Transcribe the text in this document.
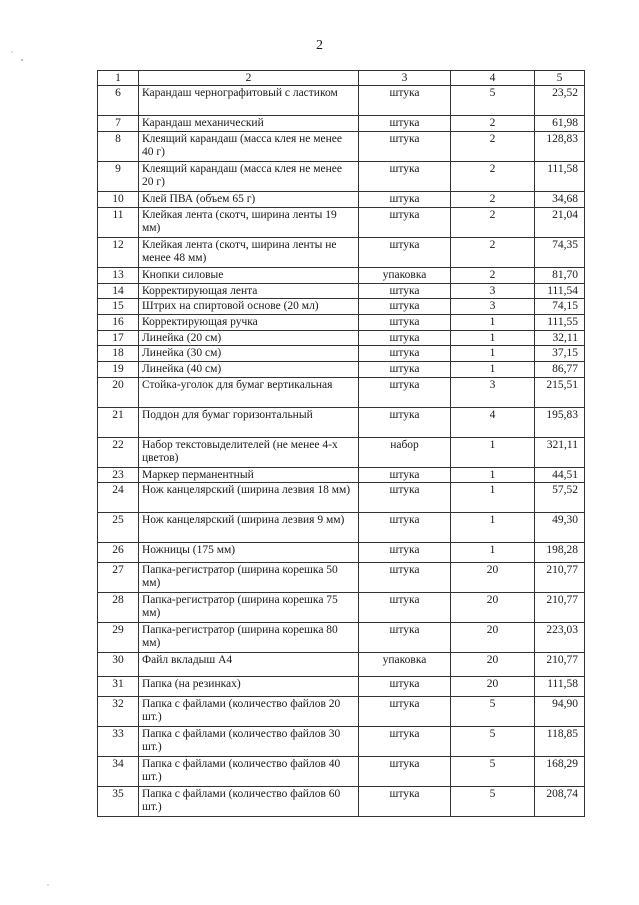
2
1	2	3	4	5
6	Карандаш чернографитовый с ластиком	штука	5	23,52
7	Карандаш механический	штука	2	61,98
8	Клеящий карандаш (масса клея не менее 40 г)	штука	2	128,83
9	Клеящий карандаш (масса клея не менее 20 г)	штука	2	111,58
10	Клей ПВА (объем 65 г)	штука	2	34,68
11	Клейкая лента (скотч, ширина ленты 19 мм)	штука	2	21,04
12	Клейкая лента (скотч, ширина ленты не менее 48 мм)	штука	2	74,35
13	Кнопки силовые	упаковка	2	81,70
14	Корректирующая лента	штука	3	111,54
15	Штрих на спиртовой основе (20 мл)	штука	3	74,15
16	Корректирующая ручка	штука	1	111,55
17	Линейка (20 см)	штука	1	32,11
18	Линейка (30 см)	штука	1	37,15
19	Линейка (40 см)	штука	1	86,77
20	Стойка-уголок для бумаг вертикальная	штука	3	215,51
21	Поддон для бумаг горизонтальный	штука	4	195,83
22	Набор текстовыделителей (не менее 4-х цветов)	набор	1	321,11
23	Маркер перманентный	штука	1	44,51
24	Нож канцелярский (ширина лезвия 18 мм)	штука	1	57,52
25	Нож канцелярский (ширина лезвия 9 мм)	штука	1	49,30
26	Ножницы (175 мм)	штука	1	198,28
27	Папка-регистратор (ширина корешка 50 мм)	штука	20	210,77
28	Папка-регистратор (ширина корешка 75 мм)	штука	20	210,77
29	Папка-регистратор (ширина корешка 80 мм)	штука	20	223,03
30	Файл вкладыш А4	упаковка	20	210,77
31	Папка (на резинках)	штука	20	111,58
32	Папка с файлами (количество файлов 20 шт.)	штука	5	94,90
33	Папка с файлами (количество файлов 30 шт.)	штука	5	118,85
34	Папка с файлами (количество файлов 40 шт.)	штука	5	168,29
35	Папка с файлами (количество файлов 60 шт.)	штука	5	208,74
